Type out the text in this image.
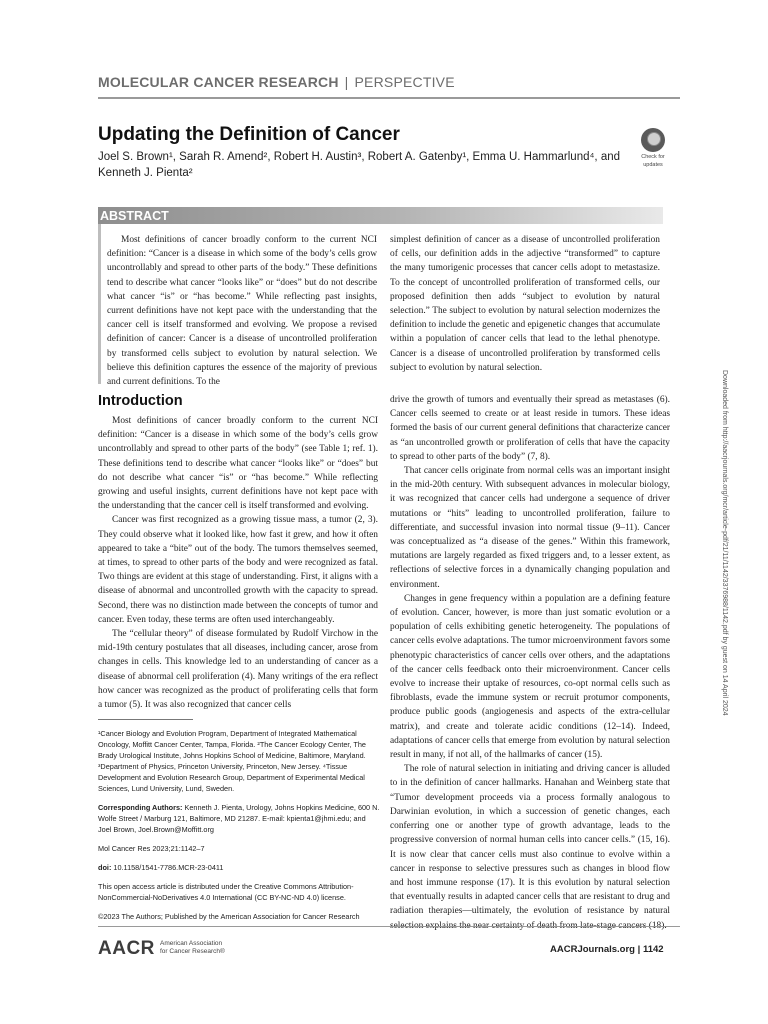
MOLECULAR CANCER RESEARCH | PERSPECTIVE
Updating the Definition of Cancer
Joel S. Brown¹, Sarah R. Amend², Robert H. Austin³, Robert A. Gatenby¹, Emma U. Hammarlund⁴, and
Kenneth J. Pienta²
Check for
updates
ABSTRACT
Most definitions of cancer broadly conform to the current NCI definition: “Cancer is a disease in which some of the body’s cells grow uncontrollably and spread to other parts of the body.” These definitions tend to describe what cancer “looks like” or “does” but do not describe what cancer “is” or “has become.” While reflecting past insights, current definitions have not kept pace with the understanding that the cancer cell is itself transformed and evolving. We propose a revised definition of cancer: Cancer is a disease of uncontrolled proliferation by transformed cells subject to evolution by natural selection. We believe this definition captures the essence of the majority of previous and current definitions. To the
simplest definition of cancer as a disease of uncontrolled proliferation of cells, our definition adds in the adjective “transformed” to capture the many tumorigenic processes that cancer cells adopt to metastasize. To the concept of uncontrolled proliferation of transformed cells, our proposed definition then adds “subject to evolution by natural selection.” The subject to evolution by natural selection modernizes the definition to include the genetic and epigenetic changes that accumulate within a population of cancer cells that lead to the lethal phenotype. Cancer is a disease of uncontrolled proliferation by transformed cells subject to evolution by natural selection.
Introduction

Most definitions of cancer broadly conform to the current NCI definition: “Cancer is a disease in which some of the body’s cells grow uncontrollably and spread to other parts of the body” (see Table 1; ref. 1). These definitions tend to describe what cancer “looks like” or “does” but do not describe what cancer “is” or “has become.” While reflecting growing and useful insights, current definitions have not kept pace with the understanding that the cancer cell is itself transformed and evolving.

Cancer was first recognized as a growing tissue mass, a tumor (2, 3). They could observe what it looked like, how fast it grew, and how it often appeared to take a “bite” out of the body. The tumors themselves seemed, at times, to spread to other parts of the body and were recognized as fatal. Two things are evident at this stage of understanding. First, it aligns with a disease of abnormal and uncontrolled growth with the capacity to spread. Second, there was no distinction made between the concepts of tumor and cancer. Even today, these terms are often used interchangeably.

The “cellular theory” of disease formulated by Rudolf Virchow in the mid-19th century postulates that all diseases, including cancer, arose from changes in cells. This knowledge led to an understanding of cancer as a disease of abnormal cell proliferation (4). Many writings of the era reflect how cancer was recognized as the product of proliferating cells that form a tumor (5). It was also recognized that cancer cells

drive the growth of tumors and eventually their spread as metastases (6). Cancer cells seemed to create or at least reside in tumors. These ideas formed the basis of our current general definitions that characterize cancer as “an uncontrolled growth or proliferation of cells that have the capacity to spread to other parts of the body” (7, 8).

That cancer cells originate from normal cells was an important insight in the mid-20th century. With subsequent advances in molecular biology, it was recognized that cancer cells had undergone a sequence of driver mutations or “hits” leading to uncontrolled proliferation, failure to differentiate, and successful invasion into normal tissue (9–11). Cancer was conceptualized as “a disease of the genes.” Within this framework, mutations are largely regarded as fixed triggers and, to a lesser extent, as reflections of selective forces in a dynamically changing population and environment.

Changes in gene frequency within a population are a defining feature of evolution. Cancer, however, is more than just somatic evolution or a population of cells exhibiting genetic heterogeneity. The populations of cancer cells evolve adaptations. The tumor microenvironment favors some phenotypic characteristics of cancer cells over others, and the adaptations of the cancer cells feedback onto their microenvironment. Cancer cells evolve to increase their uptake of resources, co-opt normal cells such as fibroblasts, evade the immune system or recruit protumor components, produce public goods (angiogenesis and aspects of the extra-cellular matrix), and create and tolerate acidic conditions (12–14). Indeed, adaptations of cancer cells that emerge from evolution by natural selection result in many, if not all, of the hallmarks of cancer (15).

The role of natural selection in initiating and driving cancer is alluded to in the definition of cancer hallmarks. Hanahan and Weinberg state that “Tumor development proceeds via a process formally analogous to Darwinian evolution, in which a succession of genetic changes, each conferring one or another type of growth advantage, leads to the progressive conversion of normal human cells into cancer cells.” (15, 16). It is now clear that cancer cells must also continue to evolve within a cancer in response to selective pressures such as changes in blood flow and host immune response (17). It is this evolution by natural selection that eventually results in adapted cancer cells that are resistant to drug and radiation therapies—ultimately, the evolution of resistance by natural

¹Cancer Biology and Evolution Program, Department of Integrated Mathematical Oncology, Moffitt Cancer Center, Tampa, Florida. ²The Cancer Ecology Center, The Brady Urological Institute, Johns Hopkins School of Medicine, Baltimore, Maryland. ³Department of Physics, Princeton University, Princeton, New Jersey. ⁴Tissue Development and Evolution Research Group, Department of Experimental Medical Sciences, Lund University, Lund, Sweden.

Corresponding Authors: Kenneth J. Pienta, Urology, Johns Hopkins Medicine, 600 N. Wolfe Street / Marburg 121, Baltimore, MD 21287. E-mail: kpienta1@jhmi.edu; and Joel Brown, Joel.Brown@Moffitt.org

Mol Cancer Res 2023;21:1142–7

doi: 10.1158/1541-7786.MCR-23-0411

This open access article is distributed under the Creative Commons Attribution-NonCommercial-NoDerivatives 4.0 International (CC BY-NC-ND 4.0) license.

©2023 The Authors; Published by the American Association for Cancer Research

AACR American Association
for Cancer Research®	AACRJournals.org | 1142
Downloaded from http://aacrjournals.org/mcr/article-pdf/21/11/1142/3376988/1142.pdf by guest on 14 April 2024
